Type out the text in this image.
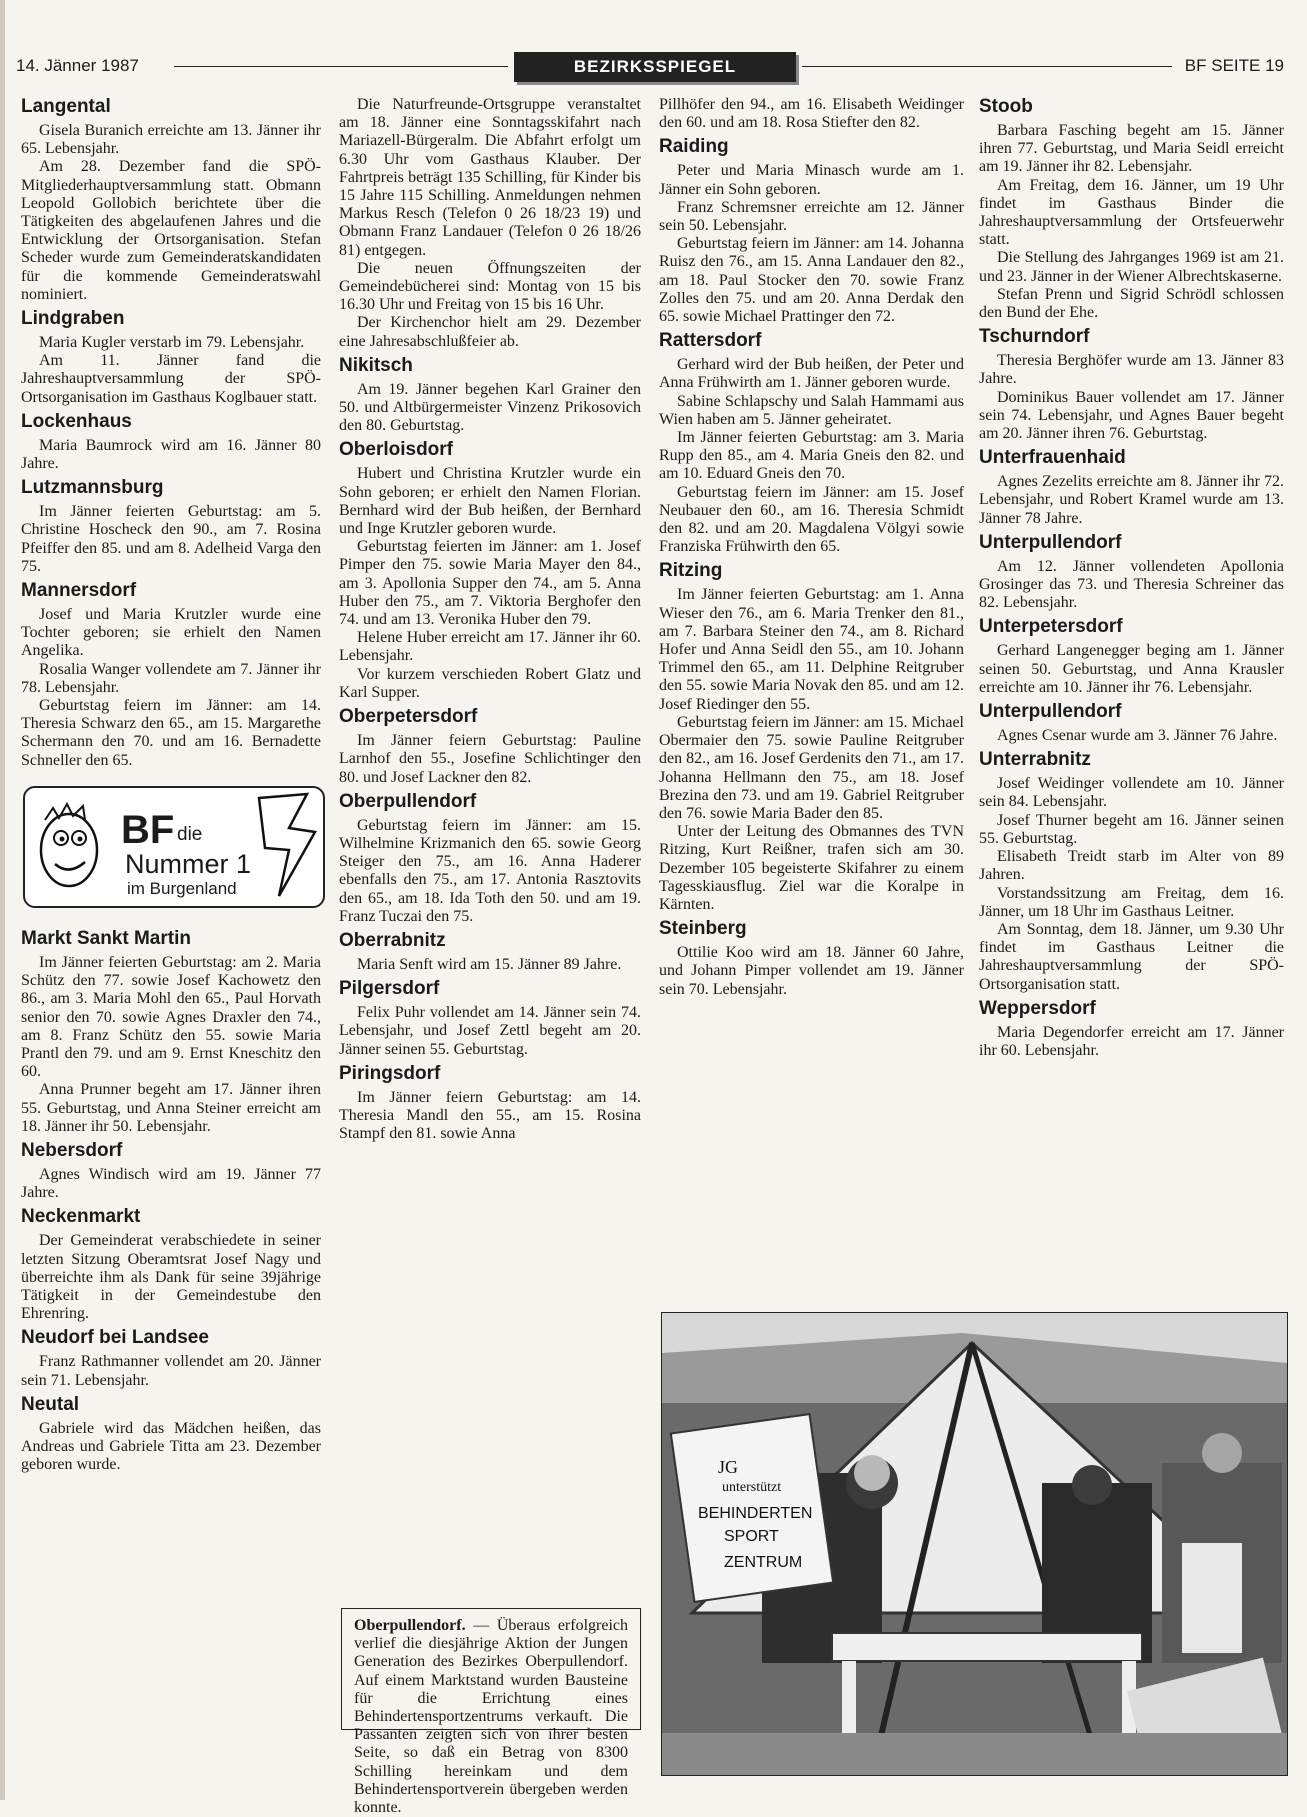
14. Jänner 1987	BEZIRKSSPIEGEL	BF SEITE 19
Langental

Gisela Buranich erreichte am 13. Jänner ihr 65. Lebensjahr.

Am 28. Dezember fand die SPÖ-Mitgliederhauptversammlung statt. Obmann Leopold Gollobich berichtete über die Tätigkeiten des abgelaufenen Jahres und die Entwicklung der Ortsorganisation. Stefan Scheder wurde zum Gemeinderatskandidaten für die kommende Gemeinderatswahl nominiert.

Lindgraben

Maria Kugler verstarb im 79. Lebensjahr.

Am 11. Jänner fand die Jahreshauptversammlung der SPÖ-Ortsorganisation im Gasthaus Koglbauer statt.

Lockenhaus

Maria Baumrock wird am 16. Jänner 80 Jahre.

Lutzmannsburg

Im Jänner feierten Geburtstag: am 5. Christine Hoscheck den 90., am 7. Rosina Pfeiffer den 85. und am 8. Adelheid Varga den 75.

Mannersdorf

Josef und Maria Krutzler wurde eine Tochter geboren; sie erhielt den Namen Angelika.

Rosalia Wanger vollendete am 7. Jänner ihr 78. Lebensjahr.

Geburtstag feiern im Jänner: am 14. Theresia Schwarz den 65., am 15. Margarethe Schermann den 70. und am 16. Bernadette Schneller den 65.

BF die
Nummer 1
im Burgenland
Markt Sankt Martin

Im Jänner feierten Geburtstag: am 2. Maria Schütz den 77. sowie Josef Kachowetz den 86., am 3. Maria Mohl den 65., Paul Horvath senior den 70. sowie Agnes Draxler den 74., am 8. Franz Schütz den 55. sowie Maria Prantl den 79. und am 9. Ernst Kneschitz den 60.

Anna Prunner begeht am 17. Jänner ihren 55. Geburtstag, und Anna Steiner erreicht am 18. Jänner ihr 50. Lebensjahr.

Nebersdorf

Agnes Windisch wird am 19. Jänner 77 Jahre.

Neckenmarkt

Der Gemeinderat verabschiedete in seiner letzten Sitzung Oberamtsrat Josef Nagy und überreichte ihm als Dank für seine 39jährige Tätigkeit in der Gemeindestube den Ehrenring.

Neudorf bei Landsee

Franz Rathmanner vollendet am 20. Jänner sein 71. Lebensjahr.

Neutal

Gabriele wird das Mädchen heißen, das Andreas und Gabriele Titta am 23. Dezember geboren wurde.

Die Naturfreunde-Ortsgruppe veranstaltet am 18. Jänner eine Sonntagsskifahrt nach Mariazell-Bürgeralm. Die Abfahrt erfolgt um 6.30 Uhr vom Gasthaus Klauber. Der Fahrtpreis beträgt 135 Schilling, für Kinder bis 15 Jahre 115 Schilling. Anmeldungen nehmen Markus Resch (Telefon 0 26 18/23 19) und Obmann Franz Landauer (Telefon 0 26 18/26 81) entgegen.

Die neuen Öffnungszeiten der Gemeindebücherei sind: Montag von 15 bis 16.30 Uhr und Freitag von 15 bis 16 Uhr.

Der Kirchenchor hielt am 29. Dezember eine Jahresabschlußfeier ab.

Nikitsch

Am 19. Jänner begehen Karl Grainer den 50. und Altbürgermeister Vinzenz Prikosovich den 80. Geburtstag.

Oberloisdorf

Hubert und Christina Krutzler wurde ein Sohn geboren; er erhielt den Namen Florian. Bernhard wird der Bub heißen, der Bernhard und Inge Krutzler geboren wurde.

Geburtstag feierten im Jänner: am 1. Josef Pimper den 75. sowie Maria Mayer den 84., am 3. Apollonia Supper den 74., am 5. Anna Huber den 75., am 7. Viktoria Berghofer den 74. und am 13. Veronika Huber den 79.

Helene Huber erreicht am 17. Jänner ihr 60. Lebensjahr.

Vor kurzem verschieden Robert Glatz und Karl Supper.

Oberpetersdorf

Im Jänner feiern Geburtstag: Pauline Larnhof den 55., Josefine Schlichtinger den 80. und Josef Lackner den 82.

Oberpullendorf

Geburtstag feiern im Jänner: am 15. Wilhelmine Krizmanich den 65. sowie Georg Steiger den 75., am 16. Anna Haderer ebenfalls den 75., am 17. Antonia Rasztovits den 65., am 18. Ida Toth den 50. und am 19. Franz Tuczai den 75.

Oberrabnitz

Maria Senft wird am 15. Jänner 89 Jahre.

Pilgersdorf

Felix Puhr vollendet am 14. Jänner sein 74. Lebensjahr, und Josef Zettl begeht am 20. Jänner seinen 55. Geburtstag.

Piringsdorf

Im Jänner feiern Geburtstag: am 14. Theresia Mandl den 55., am 15. Rosina Stampf den 81. sowie Anna

Pillhöfer den 94., am 16. Elisabeth Weidinger den 60. und am 18. Rosa Stiefter den 82.

Raiding

Peter und Maria Minasch wurde am 1. Jänner ein Sohn geboren.

Franz Schremsner erreichte am 12. Jänner sein 50. Lebensjahr.

Geburtstag feiern im Jänner: am 14. Johanna Ruisz den 76., am 15. Anna Landauer den 82., am 18. Paul Stocker den 70. sowie Franz Zolles den 75. und am 20. Anna Derdak den 65. sowie Michael Prattinger den 72.

Rattersdorf

Gerhard wird der Bub heißen, der Peter und Anna Frühwirth am 1. Jänner geboren wurde.

Sabine Schlapschy und Salah Hammami aus Wien haben am 5. Jänner geheiratet.

Im Jänner feierten Geburtstag: am 3. Maria Rupp den 85., am 4. Maria Gneis den 82. und am 10. Eduard Gneis den 70.

Geburtstag feiern im Jänner: am 15. Josef Neubauer den 60., am 16. Theresia Schmidt den 82. und am 20. Magdalena Völgyi sowie Franziska Frühwirth den 65.

Ritzing

Im Jänner feierten Geburtstag: am 1. Anna Wieser den 76., am 6. Maria Trenker den 81., am 7. Barbara Steiner den 74., am 8. Richard Hofer und Anna Seidl den 55., am 10. Johann Trimmel den 65., am 11. Delphine Reitgruber den 55. sowie Maria Novak den 85. und am 12. Josef Riedinger den 55.

Geburtstag feiern im Jänner: am 15. Michael Obermaier den 75. sowie Pauline Reitgruber den 82., am 16. Josef Gerdenits den 71., am 17. Johanna Hellmann den 75., am 18. Josef Brezina den 73. und am 19. Gabriel Reitgruber den 76. sowie Maria Bader den 85.

Unter der Leitung des Obmannes des TVN Ritzing, Kurt Reißner, trafen sich am 30. Dezember 105 begeisterte Skifahrer zu einem Tagesskiausflug. Ziel war die Koralpe in Kärnten.

Steinberg

Ottilie Koo wird am 18. Jänner 60 Jahre, und Johann Pimper vollendet am 19. Jänner sein 70. Lebensjahr.

Stoob

Barbara Fasching begeht am 15. Jänner ihren 77. Geburtstag, und Maria Seidl erreicht am 19. Jänner ihr 82. Lebensjahr.

Am Freitag, dem 16. Jänner, um 19 Uhr findet im Gasthaus Binder die Jahreshauptversammlung der Ortsfeuerwehr statt.

Die Stellung des Jahrganges 1969 ist am 21. und 23. Jänner in der Wiener Albrechtskaserne.

Stefan Prenn und Sigrid Schrödl schlossen den Bund der Ehe.

Tschurndorf

Theresia Berghöfer wurde am 13. Jänner 83 Jahre.

Dominikus Bauer vollendet am 17. Jänner sein 74. Lebensjahr, und Agnes Bauer begeht am 20. Jänner ihren 76. Geburtstag.

Unterfrauenhaid

Agnes Zezelits erreichte am 8. Jänner ihr 72. Lebensjahr, und Robert Kramel wurde am 13. Jänner 78 Jahre.

Unterpullendorf

Am 12. Jänner vollendeten Apollonia Grosinger das 73. und Theresia Schreiner das 82. Lebensjahr.

Unterpetersdorf

Gerhard Langenegger beging am 1. Jänner seinen 50. Geburtstag, und Anna Krausler erreichte am 10. Jänner ihr 76. Lebensjahr.

Unterpullendorf

Agnes Csenar wurde am 3. Jänner 76 Jahre.

Unterrabnitz

Josef Weidinger vollendete am 10. Jänner sein 84. Lebensjahr.

Josef Thurner begeht am 16. Jänner seinen 55. Geburtstag.

Elisabeth Treidt starb im Alter von 89 Jahren.

Vorstandssitzung am Freitag, dem 16. Jänner, um 18 Uhr im Gasthaus Leitner.

Am Sonntag, dem 18. Jänner, um 9.30 Uhr findet im Gasthaus Leitner die Jahreshauptversammlung der SPÖ-Ortsorganisation statt.

Weppersdorf

Maria Degendorfer erreicht am 17. Jänner ihr 60. Lebensjahr.

Oberpullendorf. — Überaus erfolgreich verlief die diesjährige Aktion der Jungen Generation des Bezirkes Oberpullendorf. Auf einem Marktstand wurden Bausteine für die Errichtung eines Behindertensportzentrums verkauft. Die Passanten zeigten sich von ihrer besten Seite, so daß ein Betrag von 8300 Schilling hereinkam und dem Behindertensportverein übergeben werden konnte.
JG
unterstützt
BEHINDERTEN
SPORT
ZENTRUM
